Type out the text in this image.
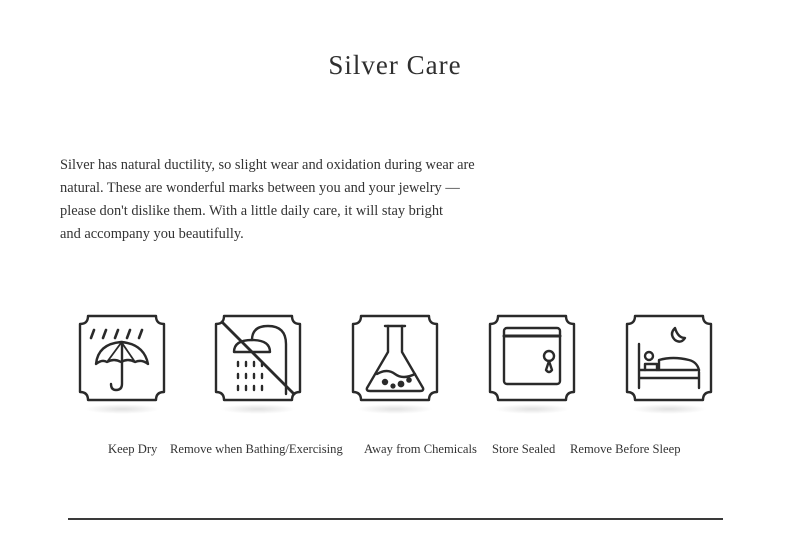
Silver Care
Silver has natural ductility, so slight wear and oxidation during wear are
natural. These are wonderful marks between you and your jewelry —
please don't dislike them. With a little daily care, it will stay bright
and accompany you beautifully.
Keep Dry Remove when Bathing/Exercising Away from Chemicals Store Sealed Remove Before Sleep
